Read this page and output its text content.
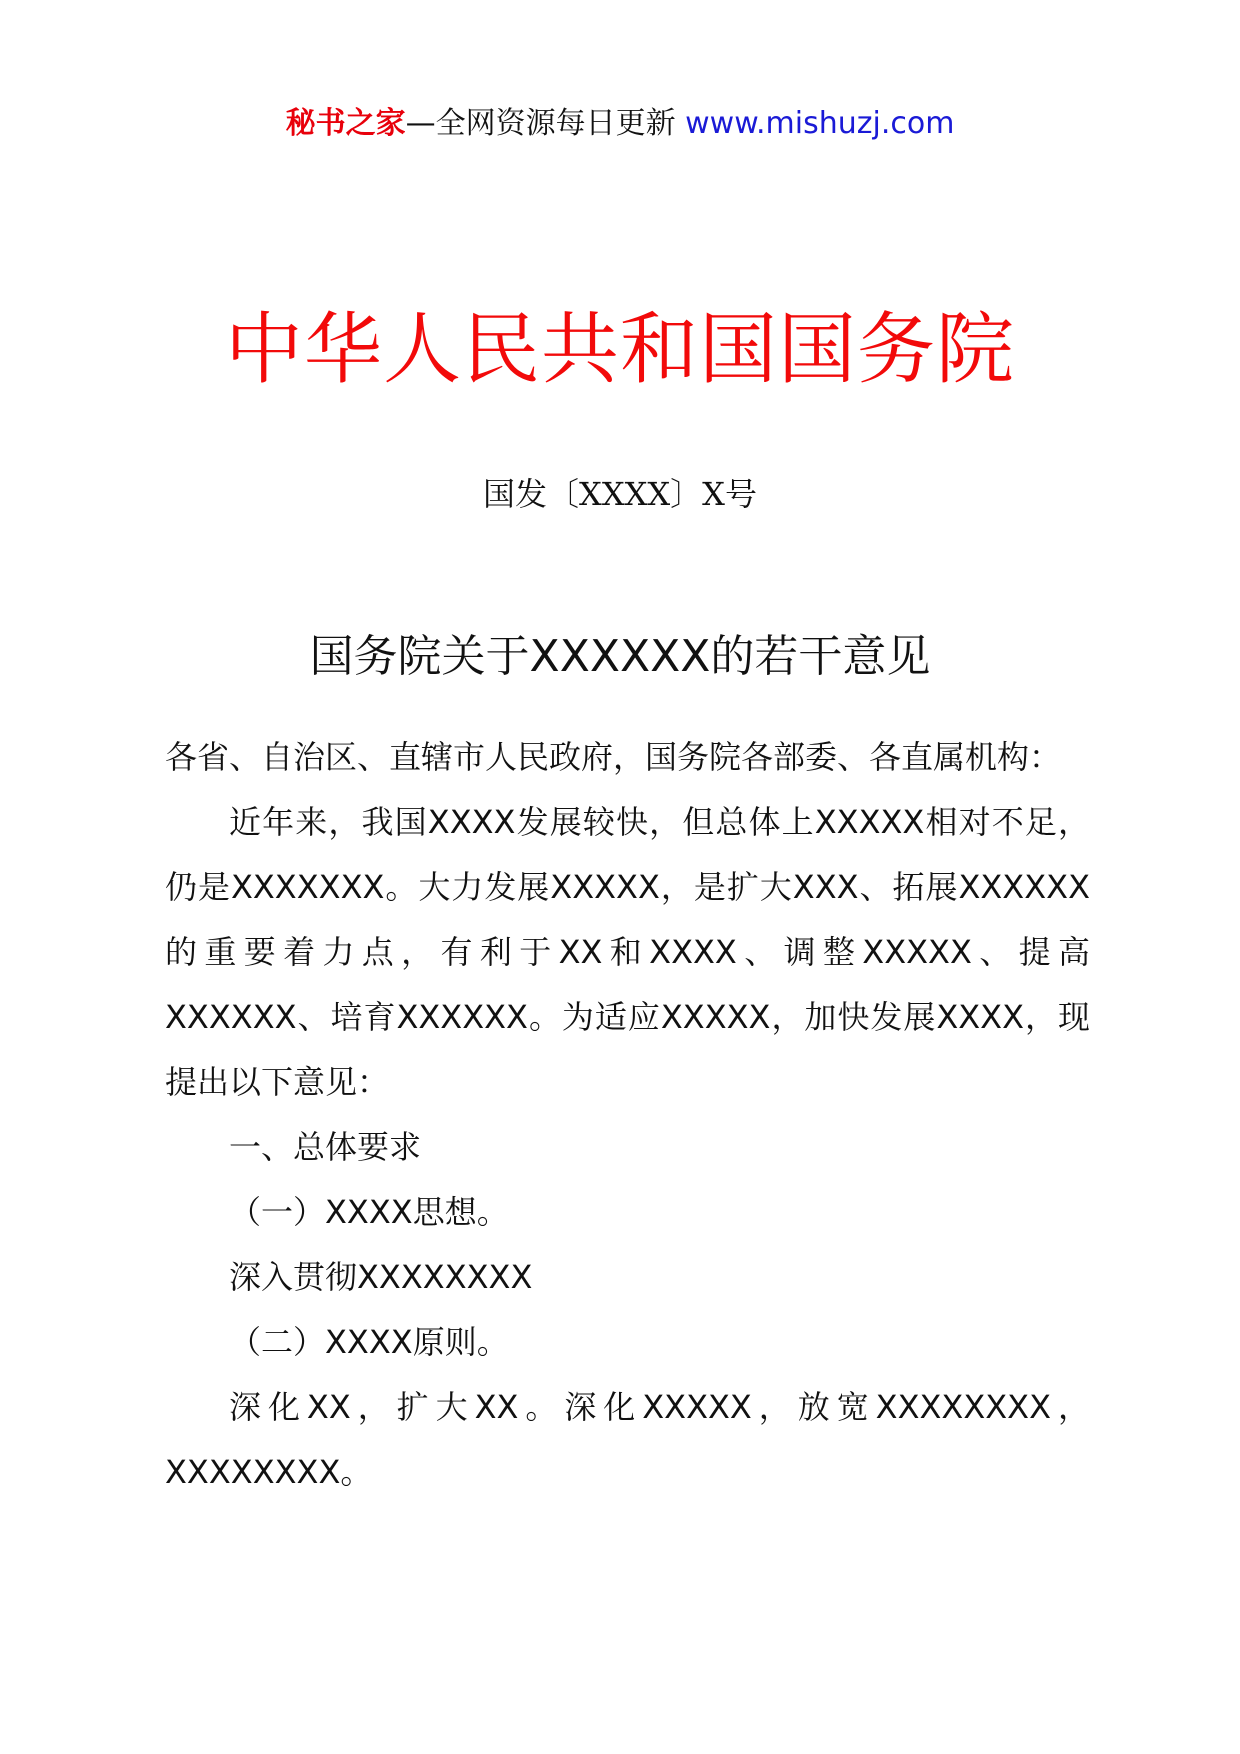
秘书之家—全网资源每日更新 www.mishuzj.com
中华人民共和国国务院
国发〔XXXX〕X号
国务院关于XXXXXX的若干意见

各省、自治区、直辖市人民政府，国务院各部委、各直属机构：

近年来，我国XXXX发展较快，但总体上XXXXX相对不足，仍是XXXXXXX。大力发展XXXXX，是扩大XXX、拓展XXXXXX的重要着力点，有利于XX和XXXX、调整XXXXX、提高XXXXXX、培育XXXXXX。为适应XXXXX，加快发展XXXX，现提出以下意见：

一、总体要求

（一）XXXX思想。

深入贯彻XXXXXXXX

（二）XXXX原则。

深化XX，扩大XX。深化XXXXX，放宽XXXXXXXX，XXXXXXXX。
